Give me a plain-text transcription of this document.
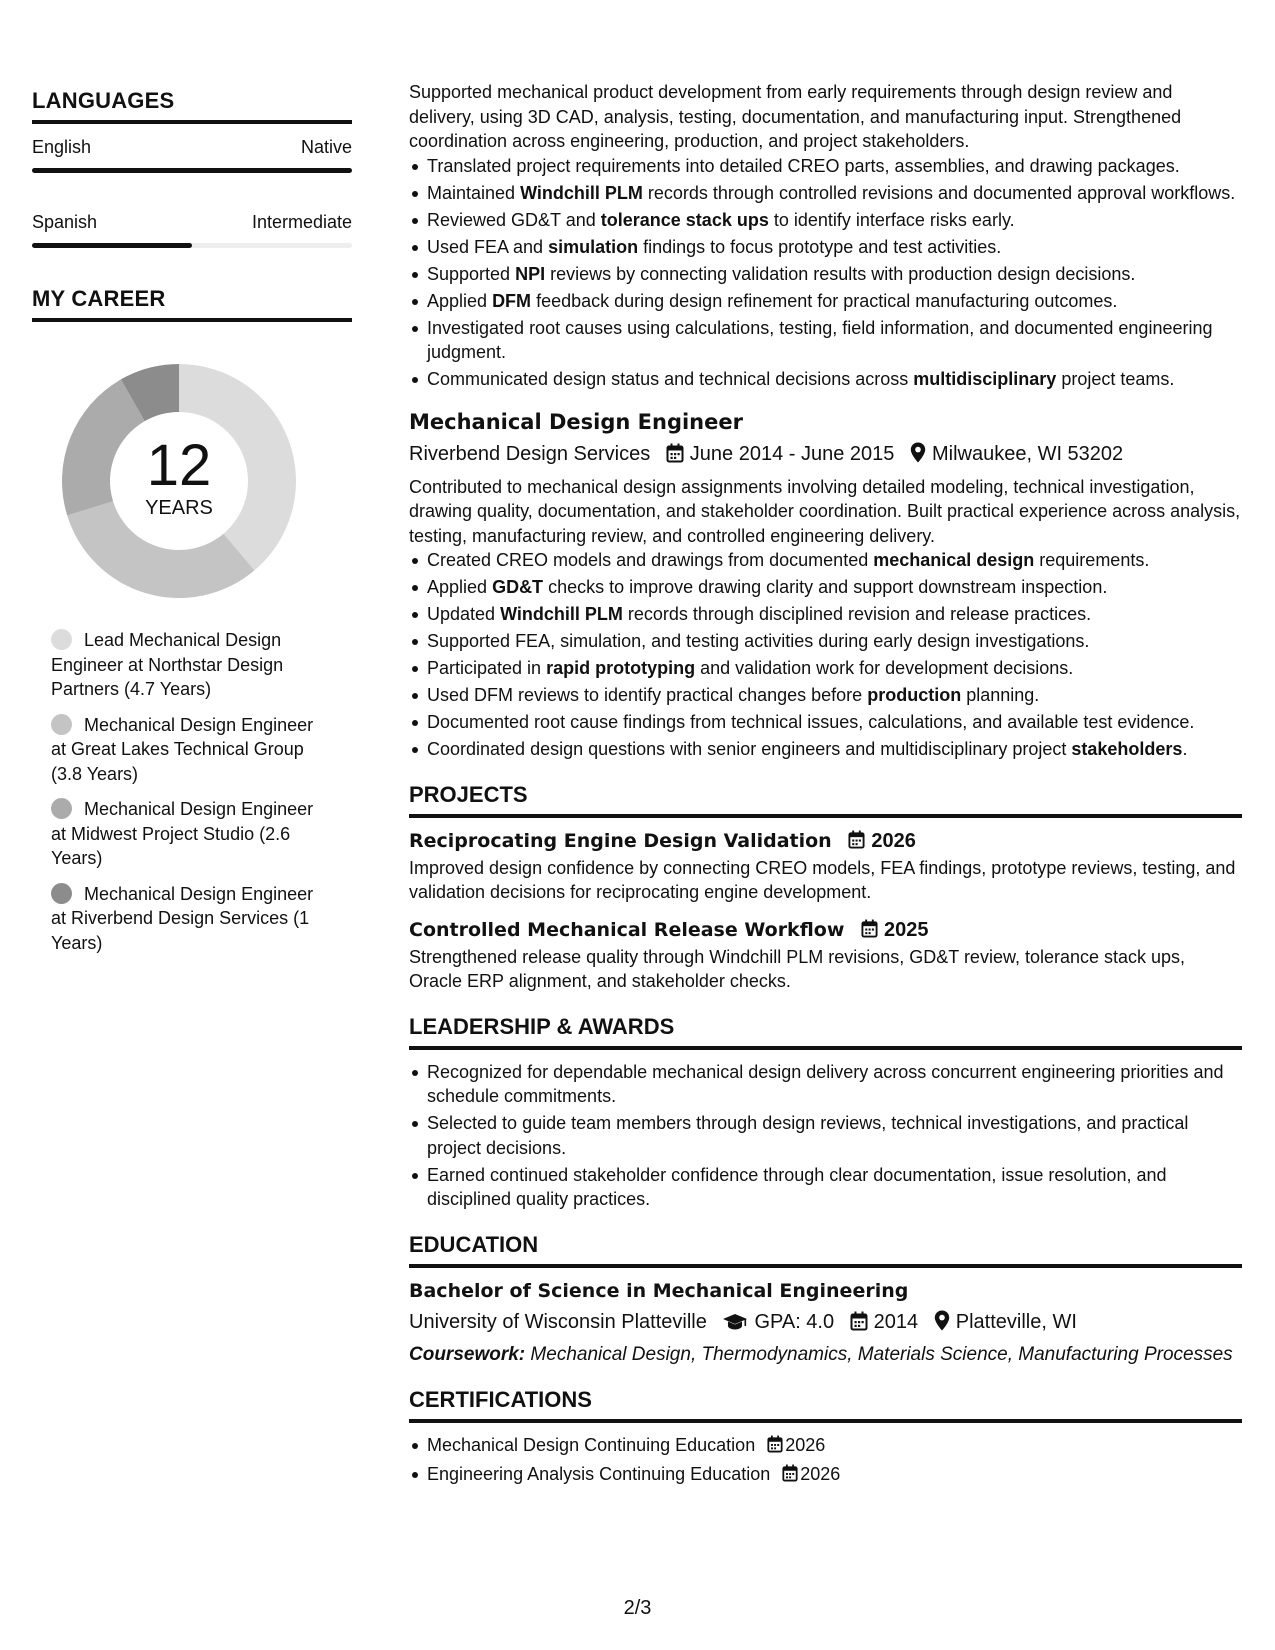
LANGUAGES
English	Native
Spanish	Intermediate
MY CAREER
12
YEARS
Lead Mechanical Design Engineer at Northstar Design Partners (4.7 Years)
Mechanical Design Engineer at Great Lakes Technical Group (3.8 Years)
Mechanical Design Engineer at Midwest Project Studio (2.6 Years)
Mechanical Design Engineer at Riverbend Design Services (1 Years)

Supported mechanical product development from early requirements through design review and delivery, using 3D CAD, analysis, testing, documentation, and manufacturing input. Strengthened coordination across engineering, production, and project stakeholders.

Translated project requirements into detailed CREO parts, assemblies, and drawing packages.
Maintained Windchill PLM records through controlled revisions and documented approval workflows.
Reviewed GD&T and tolerance stack ups to identify interface risks early.
Used FEA and simulation findings to focus prototype and test activities.
Supported NPI reviews by connecting validation results with production design decisions.
Applied DFM feedback during design refinement for practical manufacturing outcomes.
Investigated root causes using calculations, testing, field information, and documented engineering judgment.
Communicated design status and technical decisions across multidisciplinary project teams.
Mechanical Design Engineer
Riverbend Design Services June 2014 - June 2015 Milwaukee, WI 53202

Contributed to mechanical design assignments involving detailed modeling, technical investigation, drawing quality, documentation, and stakeholder coordination. Built practical experience across analysis, testing, manufacturing review, and controlled engineering delivery.

Created CREO models and drawings from documented mechanical design requirements.
Applied GD&T checks to improve drawing clarity and support downstream inspection.
Updated Windchill PLM records through disciplined revision and release practices.
Supported FEA, simulation, and testing activities during early design investigations.
Participated in rapid prototyping and validation work for development decisions.
Used DFM reviews to identify practical changes before production planning.
Documented root cause findings from technical issues, calculations, and available test evidence.
Coordinated design questions with senior engineers and multidisciplinary project stakeholders.
PROJECTS
Reciprocating Engine Design Validation 2026

Improved design confidence by connecting CREO models, FEA findings, prototype reviews, testing, and validation decisions for reciprocating engine development.

Controlled Mechanical Release Workflow 2025

Strengthened release quality through Windchill PLM revisions, GD&T review, tolerance stack ups, Oracle ERP alignment, and stakeholder checks.

LEADERSHIP & AWARDS
Recognized for dependable mechanical design delivery across concurrent engineering priorities and schedule commitments.
Selected to guide team members through design reviews, technical investigations, and practical project decisions.
Earned continued stakeholder confidence through clear documentation, issue resolution, and disciplined quality practices.
EDUCATION
Bachelor of Science in Mechanical Engineering
University of Wisconsin Platteville GPA: 4.0 2014 Platteville, WI

Coursework: Mechanical Design, Thermodynamics, Materials Science, Manufacturing Processes

CERTIFICATIONS
Mechanical Design Continuing Education 2026
Engineering Analysis Continuing Education 2026
2/3
